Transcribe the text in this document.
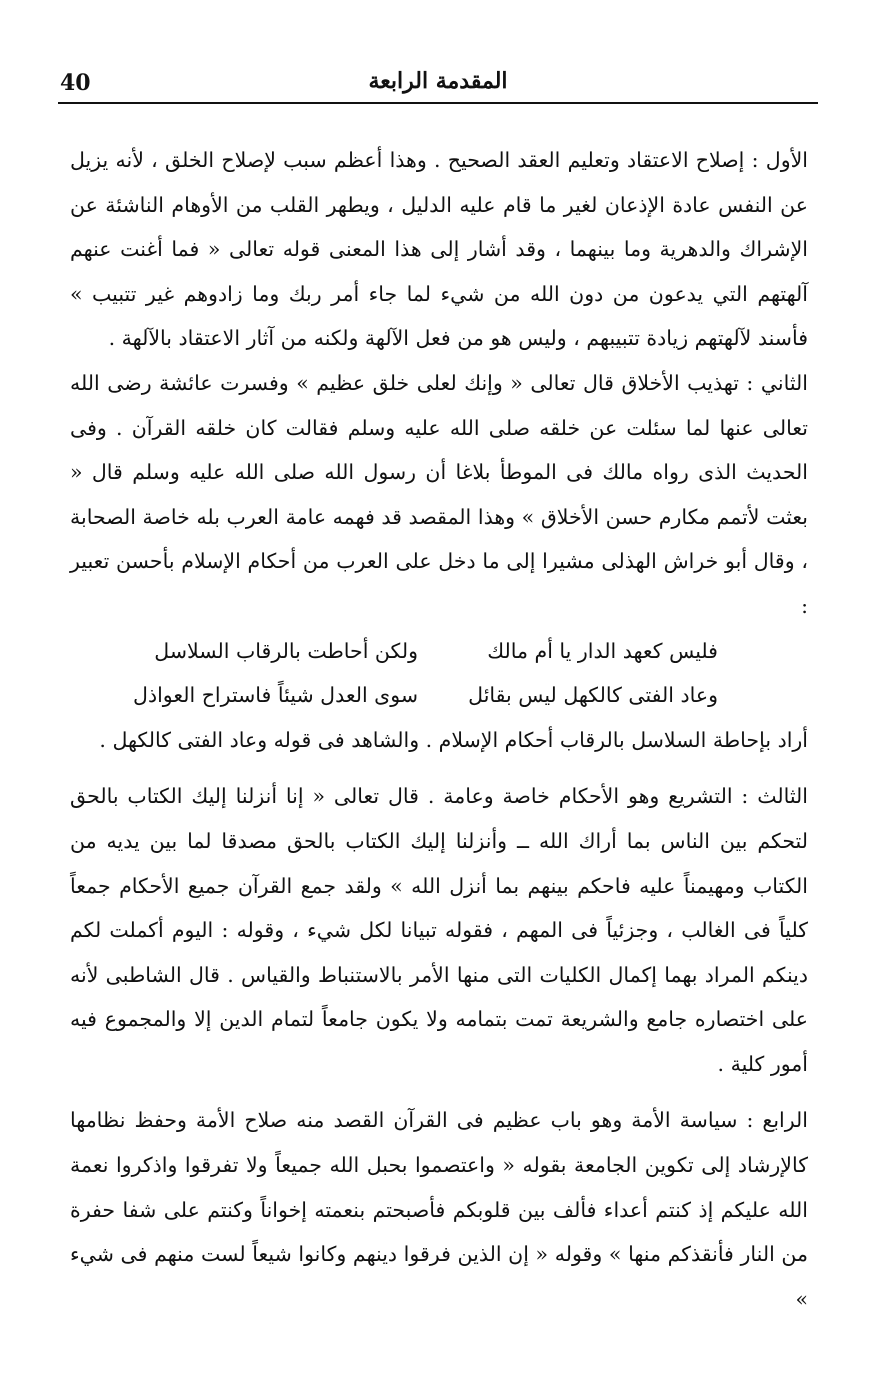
40	المقدمة الرابعة

الأول : إصلاح الاعتقاد وتعليم العقد الصحيح . وهذا أعظم سبب لإصلاح الخلق ، لأنه يزيل عن النفس عادة الإذعان لغير ما قام عليه الدليل ، ويطهر القلب من الأوهام الناشئة عن الإشراك والدهرية وما بينهما ، وقد أشار إلى هذا المعنى قوله تعالى « فما أغنت عنهم آلهتهم التي يدعون من دون الله من شيء لما جاء أمر ربك وما زادوهم غير تتبيب » فأسند لآلهتهم زيادة تتبيبهم ، وليس هو من فعل الآلهة ولكنه من آثار الاعتقاد بالآلهة .

الثاني : تهذيب الأخلاق قال تعالى « وإنك لعلى خلق عظيم » وفسرت عائشة رضى الله تعالى عنها لما سئلت عن خلقه صلى الله عليه وسلم فقالت كان خلقه القرآن . وفى الحديث الذى رواه مالك فى الموطأ بلاغا أن رسول الله صلى الله عليه وسلم قال « بعثت لأتمم مكارم حسن الأخلاق » وهذا المقصد قد فهمه عامة العرب بله خاصة الصحابة ، وقال أبو خراش الهذلى مشيرا إلى ما دخل على العرب من أحكام الإسلام بأحسن تعبير :

فليس كعهد الدار يا أم مالك
ولكن أحاطت بالرقاب السلاسل
وعاد الفتى كالكهل ليس بقائل
سوى العدل شيئاً فاستراح العواذل

أراد بإحاطة السلاسل بالرقاب أحكام الإسلام . والشاهد فى قوله وعاد الفتى كالكهل .

الثالث : التشريع وهو الأحكام خاصة وعامة . قال تعالى « إنا أنزلنا إليك الكتاب بالحق لتحكم بين الناس بما أراك الله ــ وأنزلنا إليك الكتاب بالحق مصدقا لما بين يديه من الكتاب ومهيمناً عليه فاحكم بينهم بما أنزل الله » ولقد جمع القرآن جميع الأحكام جمعاً كلياً فى الغالب ، وجزئياً فى المهم ، فقوله تبيانا لكل شيء ، وقوله : اليوم أكملت لكم دينكم المراد بهما إكمال الكليات التى منها الأمر بالاستنباط والقياس . قال الشاطبى لأنه على اختصاره جامع والشريعة تمت بتمامه ولا يكون جامعاً لتمام الدين إلا والمجموع فيه أمور كلية .

الرابع : سياسة الأمة وهو باب عظيم فى القرآن القصد منه صلاح الأمة وحفظ نظامها كالإرشاد إلى تكوين الجامعة بقوله « واعتصموا بحبل الله جميعاً ولا تفرقوا واذكروا نعمة الله عليكم إذ كنتم أعداء فألف بين قلوبكم فأصبحتم بنعمته إخواناً وكنتم على شفا حفرة من النار فأنقذكم منها » وقوله « إن الذين فرقوا دينهم وكانوا شيعاً لست منهم فى شيء »
